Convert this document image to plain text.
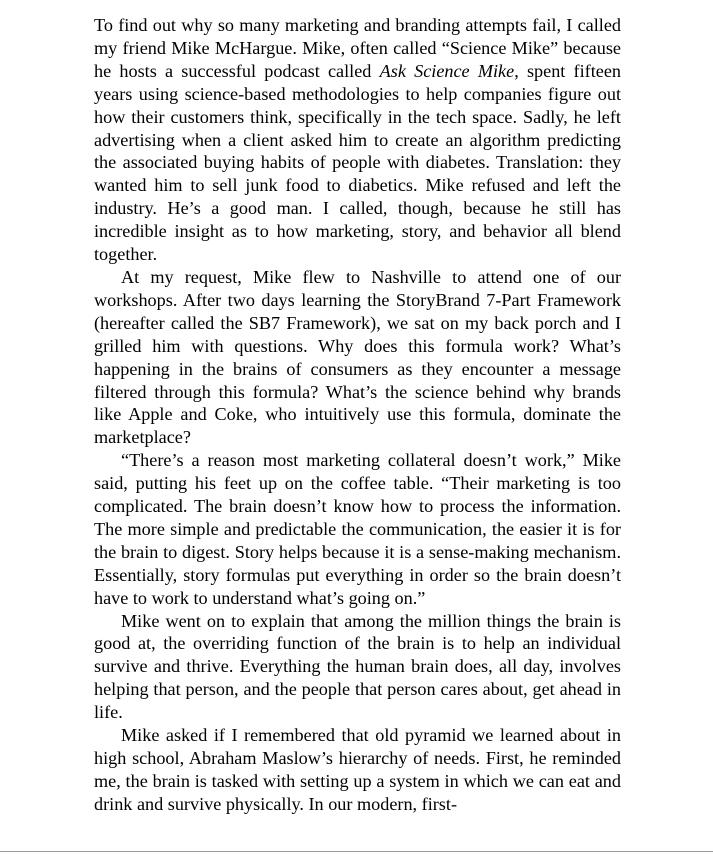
To find out why so many marketing and branding attempts fail, I called my friend Mike McHargue. Mike, often called “Science Mike” because he hosts a successful podcast called Ask Science Mike, spent fifteen years using science-based methodologies to help companies figure out how their customers think, specifically in the tech space. Sadly, he left advertising when a client asked him to create an algorithm predicting the associated buying habits of people with diabetes. Translation: they wanted him to sell junk food to diabetics. Mike refused and left the industry. He’s a good man. I called, though, because he still has incredible insight as to how marketing, story, and behavior all blend together.

At my request, Mike flew to Nashville to attend one of our workshops. After two days learning the StoryBrand 7-Part Framework (hereafter called the SB7 Framework), we sat on my back porch and I grilled him with questions. Why does this formula work? What’s happening in the brains of consumers as they encounter a message filtered through this formula? What’s the science behind why brands like Apple and Coke, who intuitively use this formula, dominate the marketplace?

“There’s a reason most marketing collateral doesn’t work,” Mike said, putting his feet up on the coffee table. “Their marketing is too complicated. The brain doesn’t know how to process the information. The more simple and predictable the communication, the easier it is for the brain to digest. Story helps because it is a sense-making mechanism. Essentially, story formulas put everything in order so the brain doesn’t have to work to understand what’s going on.”

Mike went on to explain that among the million things the brain is good at, the overriding function of the brain is to help an individual survive and thrive. Everything the human brain does, all day, involves helping that person, and the people that person cares about, get ahead in life.

Mike asked if I remembered that old pyramid we learned about in high school, Abraham Maslow’s hierarchy of needs. First, he reminded me, the brain is tasked with setting up a system in which we can eat and drink and survive physically. In our modern, first-
